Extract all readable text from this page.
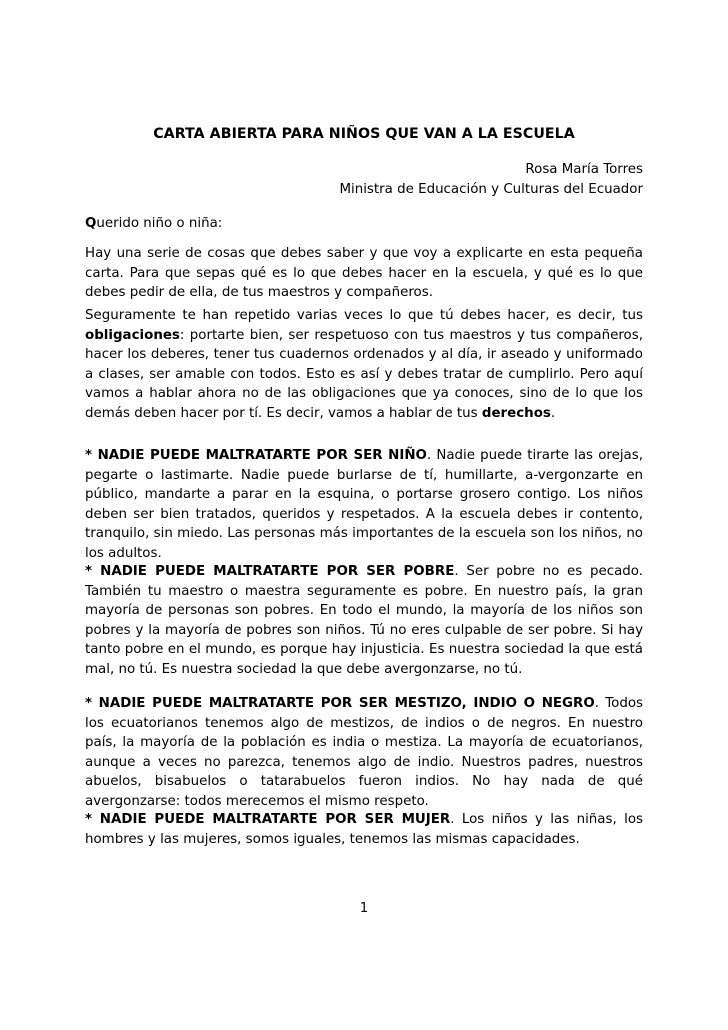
CARTA ABIERTA PARA NIÑOS QUE VAN A LA ESCUELA
Rosa María Torres
Ministra de Educación y Culturas del Ecuador
Querido niño o niña:

Hay una serie de cosas que debes saber y que voy a explicarte en esta pequeña carta. Para que sepas qué es lo que debes hacer en la escuela, y qué es lo que debes pedir de ella, de tus maestros y compañeros.

Seguramente te han repetido varias veces lo que tú debes hacer, es decir, tus obligaciones: portarte bien, ser respetuoso con tus maestros y tus compañeros, hacer los deberes, tener tus cuadernos ordenados y al día, ir aseado y uniformado a clases, ser amable con todos. Esto es así y debes tratar de cumplirlo. Pero aquí vamos a hablar ahora no de las obligaciones que ya conoces, sino de lo que los demás deben hacer por tí. Es decir, vamos a hablar de tus derechos.

* NADIE PUEDE MALTRATARTE POR SER NIÑO. Nadie puede tirarte las orejas, pegarte o lastimarte. Nadie puede burlarse de tí, humillarte, a-vergonzarte en público, mandarte a parar en la esquina, o portarse grosero contigo. Los niños deben ser bien tratados, queridos y respetados. A la escuela debes ir contento, tranquilo, sin miedo. Las personas más importantes de la escuela son los niños, no los adultos.

* NADIE PUEDE MALTRATARTE POR SER POBRE. Ser pobre no es pecado. También tu maestro o maestra seguramente es pobre. En nuestro país, la gran mayoría de personas son pobres. En todo el mundo, la mayoría de los niños son pobres y la mayoría de pobres son niños. Tú no eres culpable de ser pobre. Si hay tanto pobre en el mundo, es porque hay injusticia. Es nuestra sociedad la que está mal, no tú. Es nuestra sociedad la que debe avergonzarse, no tú.

* NADIE PUEDE MALTRATARTE POR SER MESTIZO, INDIO O NEGRO. Todos los ecuatorianos tenemos algo de mestizos, de indios o de negros. En nuestro país, la mayoría de la población es india o mestiza. La mayoría de ecuatorianos, aunque a veces no parezca, tenemos algo de indio. Nuestros padres, nuestros abuelos, bisabuelos o tatarabuelos fueron indios. No hay nada de qué avergonzarse: todos merecemos el mismo respeto.

* NADIE PUEDE MALTRATARTE POR SER MUJER. Los niños y las niñas, los hombres y las mujeres, somos iguales, tenemos las mismas capacidades.

1
